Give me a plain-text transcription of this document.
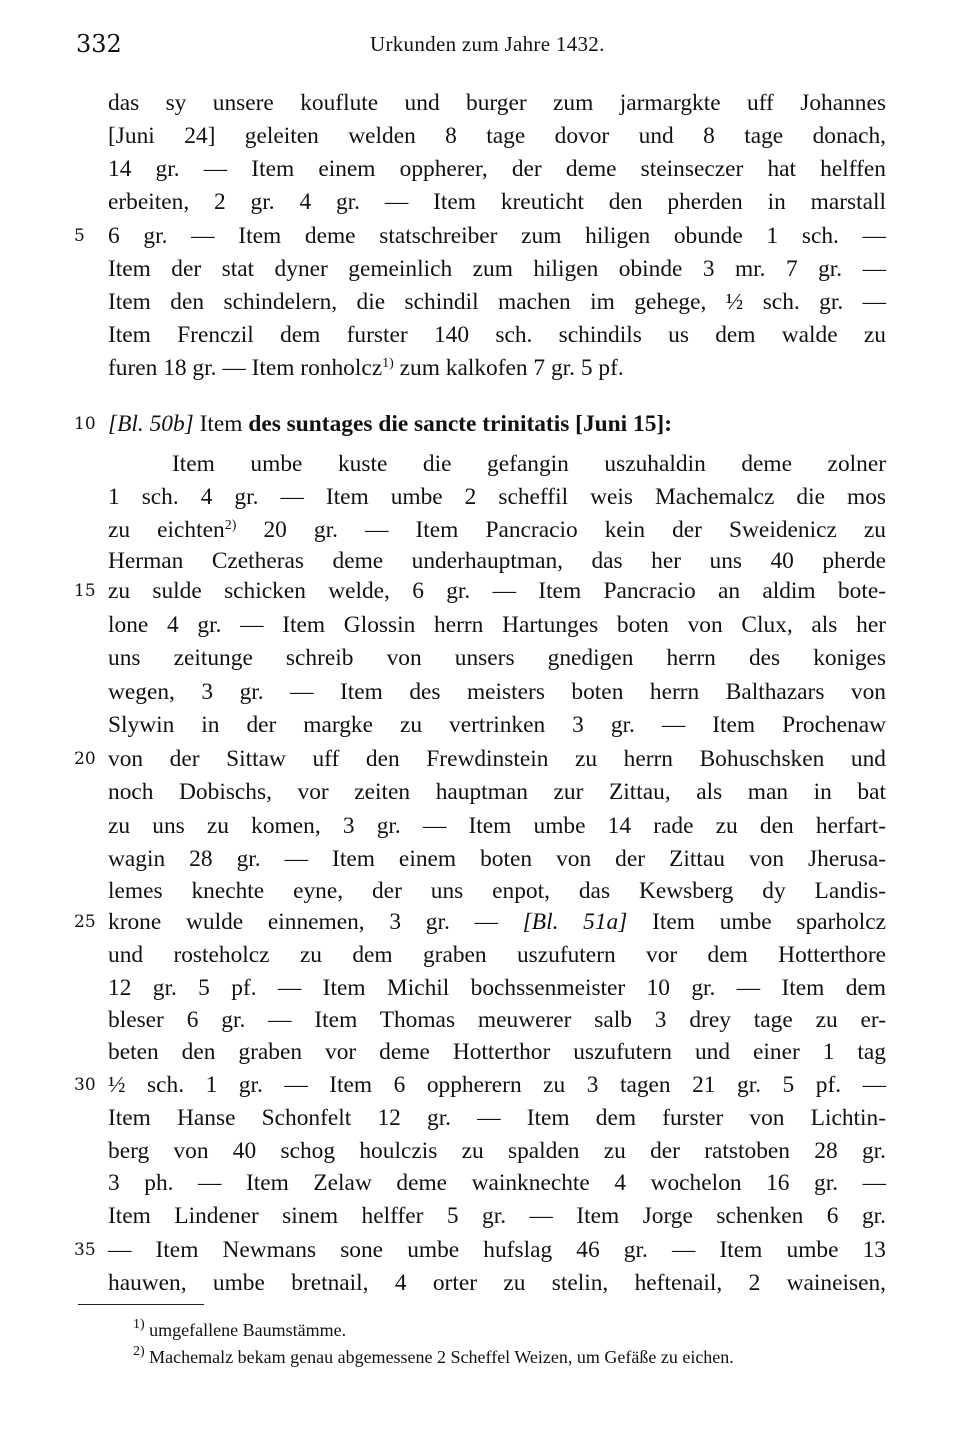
332	Urkunden zum Jahre 1432.
5
10
15
20
25
30
35
das sy unsere kouflute und burger zum jarmargkte uff Johannes
[Juni 24] geleiten welden 8 tage dovor und 8 tage donach,
14 gr. — Item einem oppherer, der deme steinseczer hat helffen
erbeiten, 2 gr. 4 gr. — Item kreuticht den pherden in marstall
6 gr. — Item deme statschreiber zum hiligen obunde 1 sch. —
Item der stat dyner gemeinlich zum hiligen obinde 3 mr. 7 gr. —
Item den schindelern, die schindil machen im gehege, ½ sch. gr. —
Item Frenczil dem furster 140 sch. schindils us dem walde zu
furen 18 gr. — Item ronholcz$^{1)}$ zum kalkofen 7 gr. 5 pf.
[Bl. 50b] Item des suntages die sancte trinitatis [Juni 15]:
Item umbe kuste die gefangin uszuhaldin deme zolner
1 sch. 4 gr. — Item umbe 2 scheffil weis Machemalcz die mos
zu eichten$^{2)}$ 20 gr. — Item Pancracio kein der Sweidenicz zu
Herman Czetheras deme underhauptman, das her uns 40 pherde
zu sulde schicken welde, 6 gr. — Item Pancracio an aldim bote-
lone 4 gr. — Item Glossin herrn Hartunges boten von Clux, als her
uns zeitunge schreib von unsers gnedigen herrn des koniges
wegen, 3 gr. — Item des meisters boten herrn Balthazars von
Slywin in der margke zu vertrinken 3 gr. — Item Prochenaw
von der Sittaw uff den Frewdinstein zu herrn Bohuschsken und
noch Dobischs, vor zeiten hauptman zur Zittau, als man in bat
zu uns zu komen, 3 gr. — Item umbe 14 rade zu den herfart-
wagin 28 gr. — Item einem boten von der Zittau von Jherusa-
lemes knechte eyne, der uns enpot, das Kewsberg dy Landis-
krone wulde einnemen, 3 gr. — [Bl. 51a] Item umbe sparholcz
und rosteholcz zu dem graben uszufutern vor dem Hotterthore
12 gr. 5 pf. — Item Michil bochssenmeister 10 gr. — Item dem
bleser 6 gr. — Item Thomas meuwerer salb 3 drey tage zu er-
beten den graben vor deme Hotterthor uszufutern und einer 1 tag
½ sch. 1 gr. — Item 6 oppherern zu 3 tagen 21 gr. 5 pf. —
Item Hanse Schonfelt 12 gr. — Item dem furster von Lichtin-
berg von 40 schog houlczis zu spalden zu der ratstoben 28 gr.
3 ph. — Item Zelaw deme wainknechte 4 wochelon 16 gr. —
Item Lindener sinem helffer 5 gr. — Item Jorge schenken 6 gr.
— Item Newmans sone umbe hufslag 46 gr. — Item umbe 13
hauwen, umbe bretnail, 4 orter zu stelin, heftenail, 2 waineisen,
$^{1)}$ umgefallene Baumstämme.
$^{2)}$ Machemalz bekam genau abgemessene 2 Scheffel Weizen, um Gefäße zu eichen.
